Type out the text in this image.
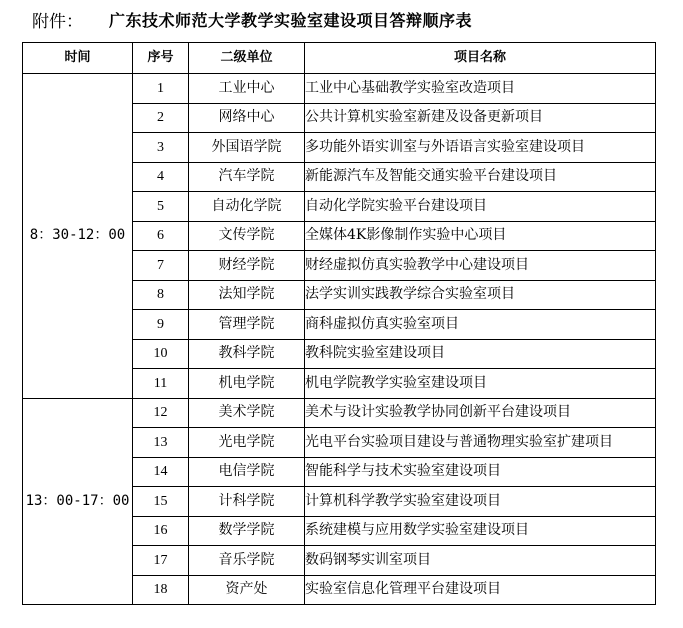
附件： 广东技术师范大学教学实验室建设项目答辩顺序表
时间	序号	二级单位	项目名称
8：30-12：00	1	工业中心	工业中心基础教学实验室改造项目
	2	网络中心	公共计算机实验室新建及设备更新项目
	3	外国语学院	多功能外语实训室与外语语言实验室建设项目
	4	汽车学院	新能源汽车及智能交通实验平台建设项目
	5	自动化学院	自动化学院实验平台建设项目
	6	文传学院	全媒体4K影像制作实验中心项目
	7	财经学院	财经虚拟仿真实验教学中心建设项目
	8	法知学院	法学实训实践教学综合实验室项目
	9	管理学院	商科虚拟仿真实验室项目
	10	教科学院	教科院实验室建设项目
	11	机电学院	机电学院教学实验室建设项目
13：00-17：00	12	美术学院	美术与设计实验教学协同创新平台建设项目
	13	光电学院	光电平台实验项目建设与普通物理实验室扩建项目
	14	电信学院	智能科学与技术实验室建设项目
	15	计科学院	计算机科学教学实验室建设项目
	16	数学学院	系统建模与应用数学实验室建设项目
	17	音乐学院	数码钢琴实训室项目
	18	资产处	实验室信息化管理平台建设项目
